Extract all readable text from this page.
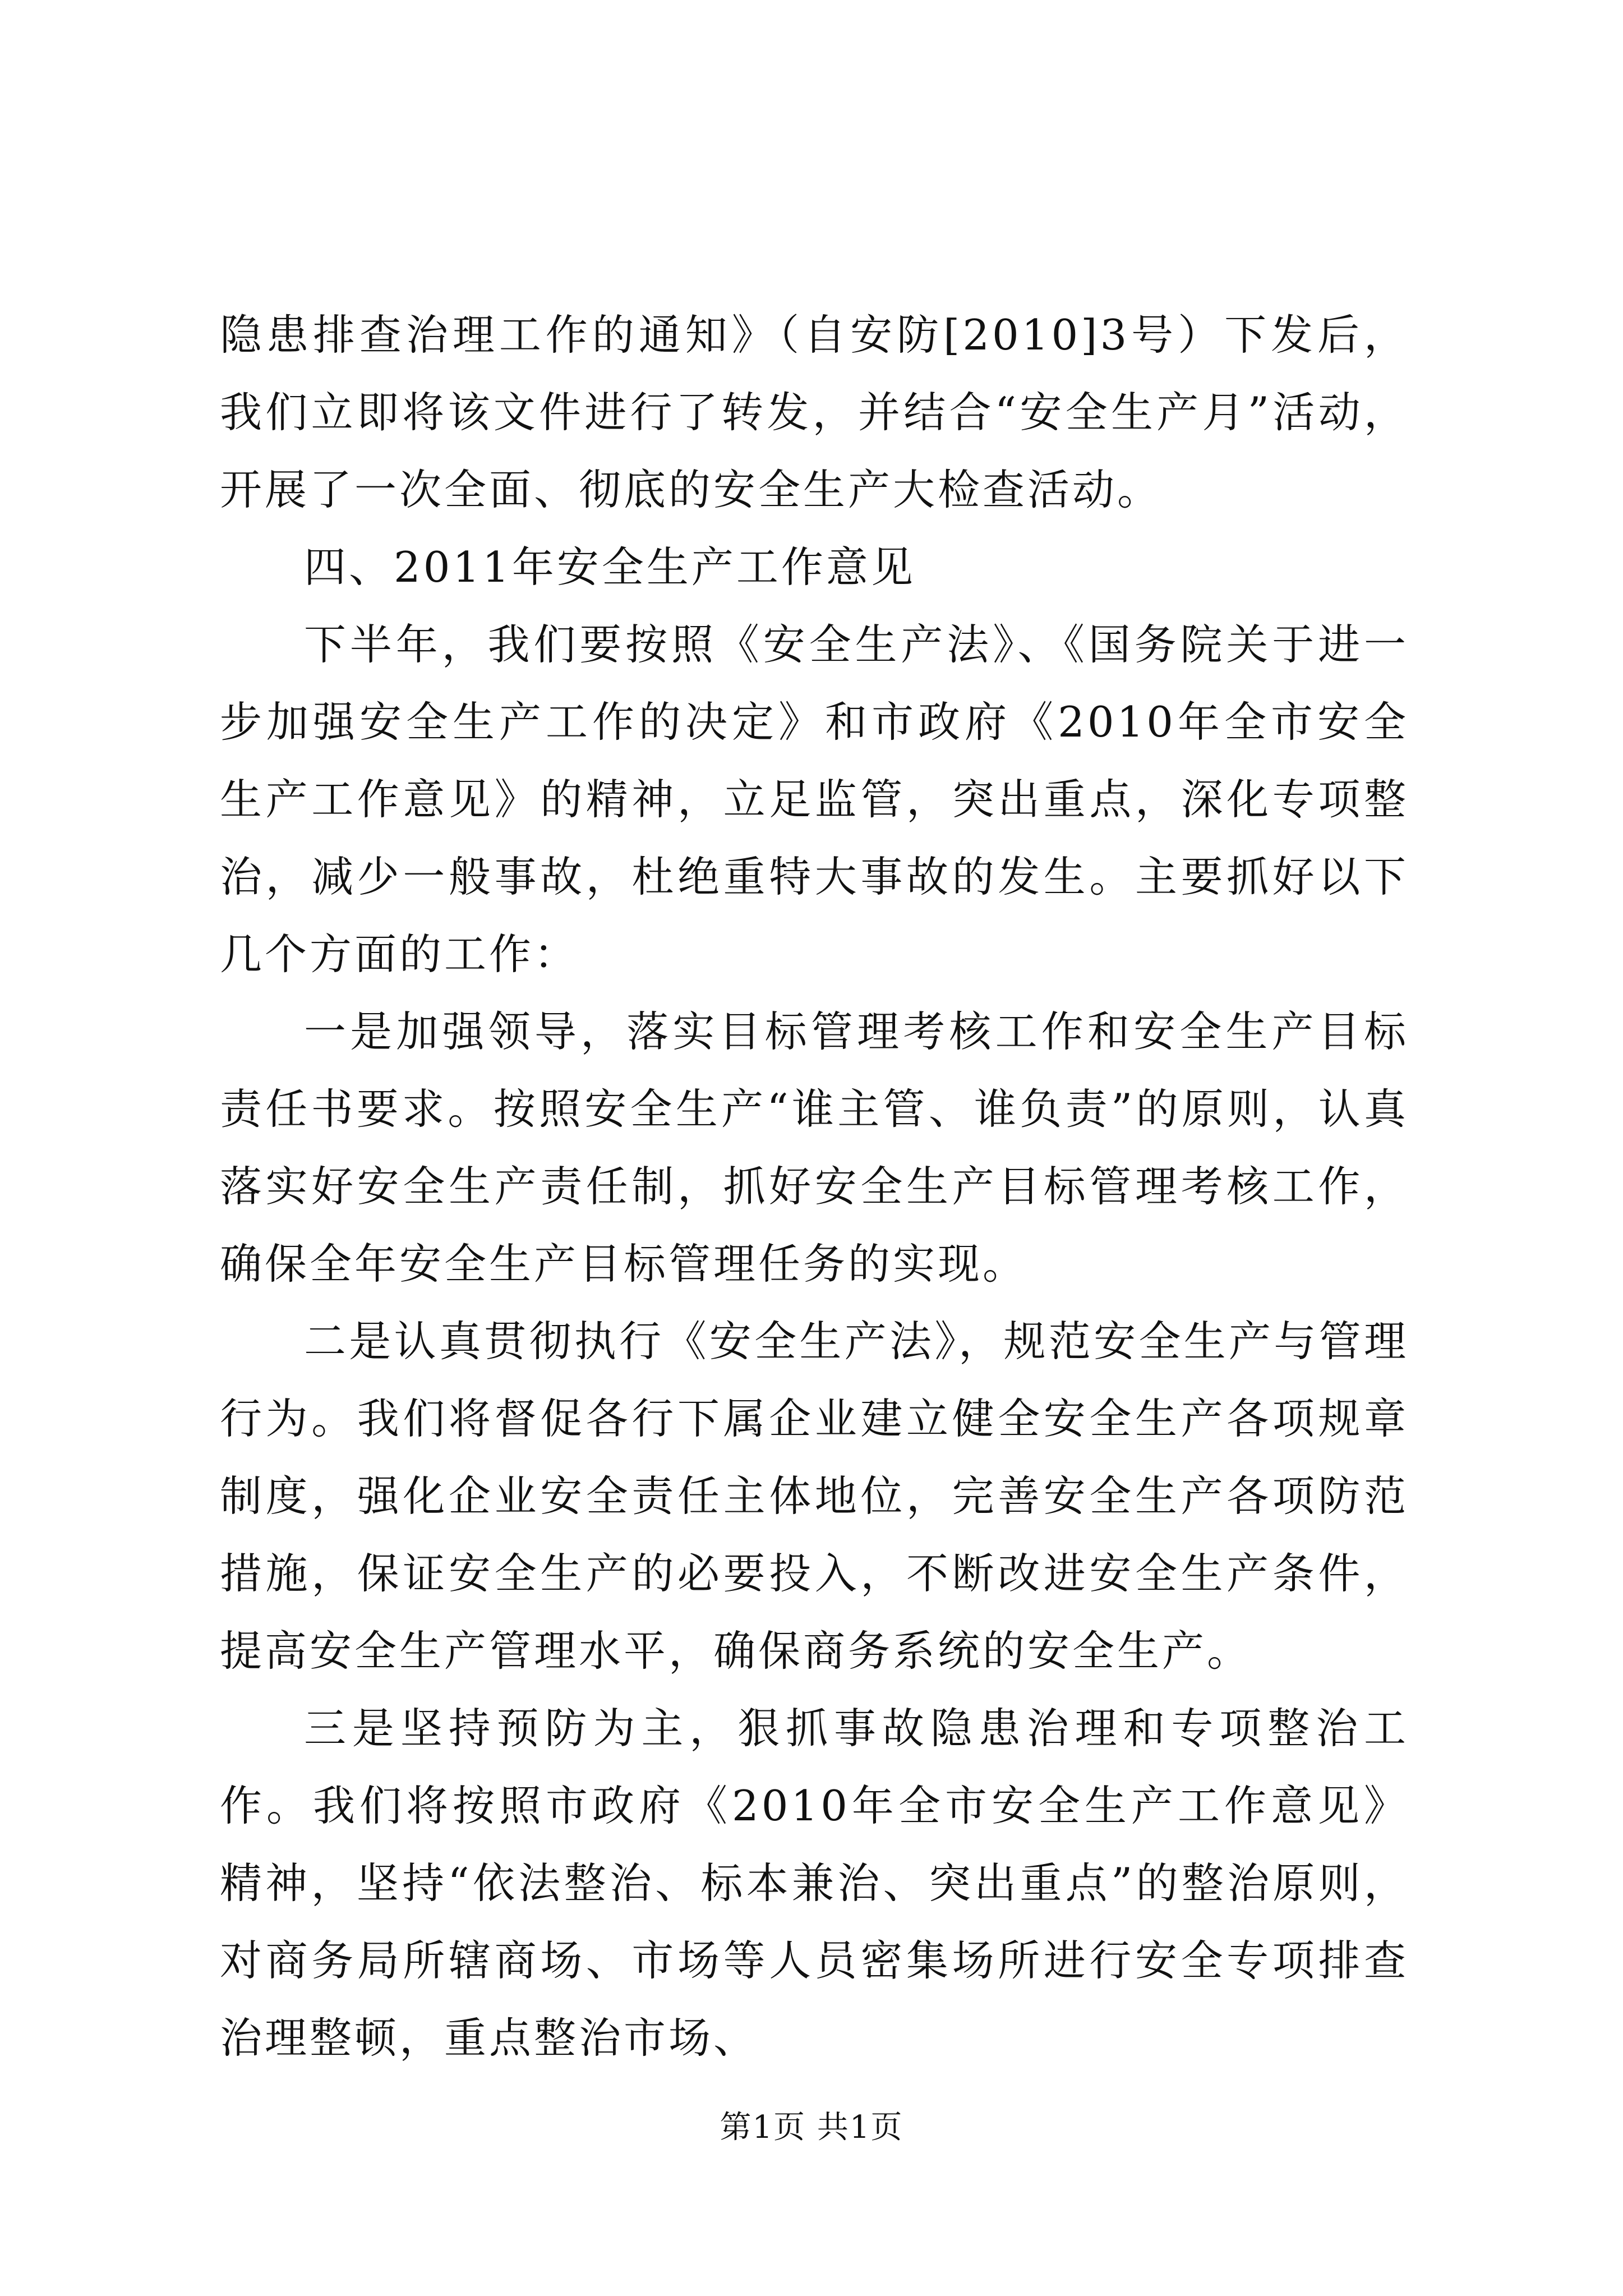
隐患排查治理工作的通知》（自安防[2010]3号）下发后，我们立即将该文件进行了转发，并结合“安全生产月”活动，开展了一次全面、彻底的安全生产大检查活动。

四、2011年安全生产工作意见

下半年，我们要按照《安全生产法》、《国务院关于进一步加强安全生产工作的决定》和市政府《2010年全市安全生产工作意见》的精神，立足监管，突出重点，深化专项整治，减少一般事故，杜绝重特大事故的发生。主要抓好以下几个方面的工作：

一是加强领导，落实目标管理考核工作和安全生产目标责任书要求。按照安全生产“谁主管、谁负责”的原则，认真落实好安全生产责任制，抓好安全生产目标管理考核工作，确保全年安全生产目标管理任务的实现。

二是认真贯彻执行《安全生产法》，规范安全生产与管理行为。我们将督促各行下属企业建立健全安全生产各项规章制度，强化企业安全责任主体地位，完善安全生产各项防范措施，保证安全生产的必要投入，不断改进安全生产条件，提高安全生产管理水平，确保商务系统的安全生产。

三是坚持预防为主，狠抓事故隐患治理和专项整治工作。我们将按照市政府《2010年全市安全生产工作意见》精神，坚持“依法整治、标本兼治、突出重点”的整治原则，对商务局所辖商场、市场等人员密集场所进行安全专项排查治理整顿，重点整治市场、

第1页 共1页
